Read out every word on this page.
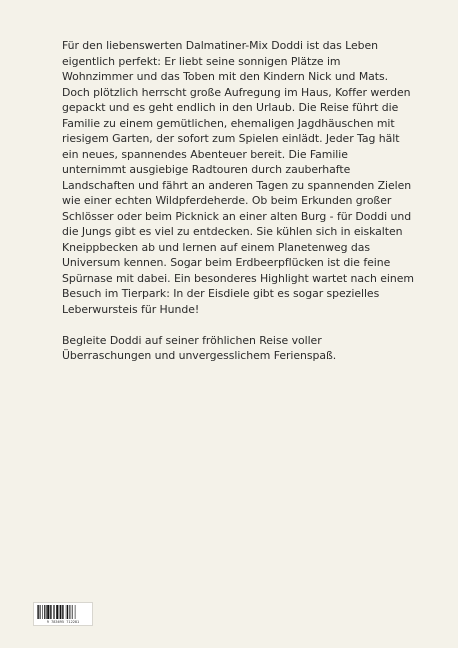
Für den liebenswerten Dalmatiner-Mix Doddi ist das Leben eigentlich perfekt: Er liebt seine sonnigen Plätze im Wohnzimmer und das Toben mit den Kindern Nick und Mats. Doch plötzlich herrscht große Aufregung im Haus, Koffer werden gepackt und es geht endlich in den Urlaub. Die Reise führt die Familie zu einem gemütlichen, ehemaligen Jagdhäuschen mit riesigem Garten, der sofort zum Spielen einlädt. Jeder Tag hält ein neues, spannendes Abenteuer bereit. Die Familie unternimmt ausgiebige Radtouren durch zauberhafte Landschaften und fährt an anderen Tagen zu spannenden Zielen wie einer echten Wildpferdeherde. Ob beim Erkunden großer Schlösser oder beim Picknick an einer alten Burg - für Doddi und die Jungs gibt es viel zu entdecken. Sie kühlen sich in eiskalten Kneippbecken ab und lernen auf einem Planetenweg das Universum kennen. Sogar beim Erdbeerpflücken ist die feine Spürnase mit dabei. Ein besonderes Highlight wartet nach einem Besuch im Tierpark: In der Eisdiele gibt es sogar spezielles Leberwursteis für Hunde!

Begleite Doddi auf seiner fröhlichen Reise voller Überraschungen und unvergesslichem Ferienspaß.

9 783695 712281
